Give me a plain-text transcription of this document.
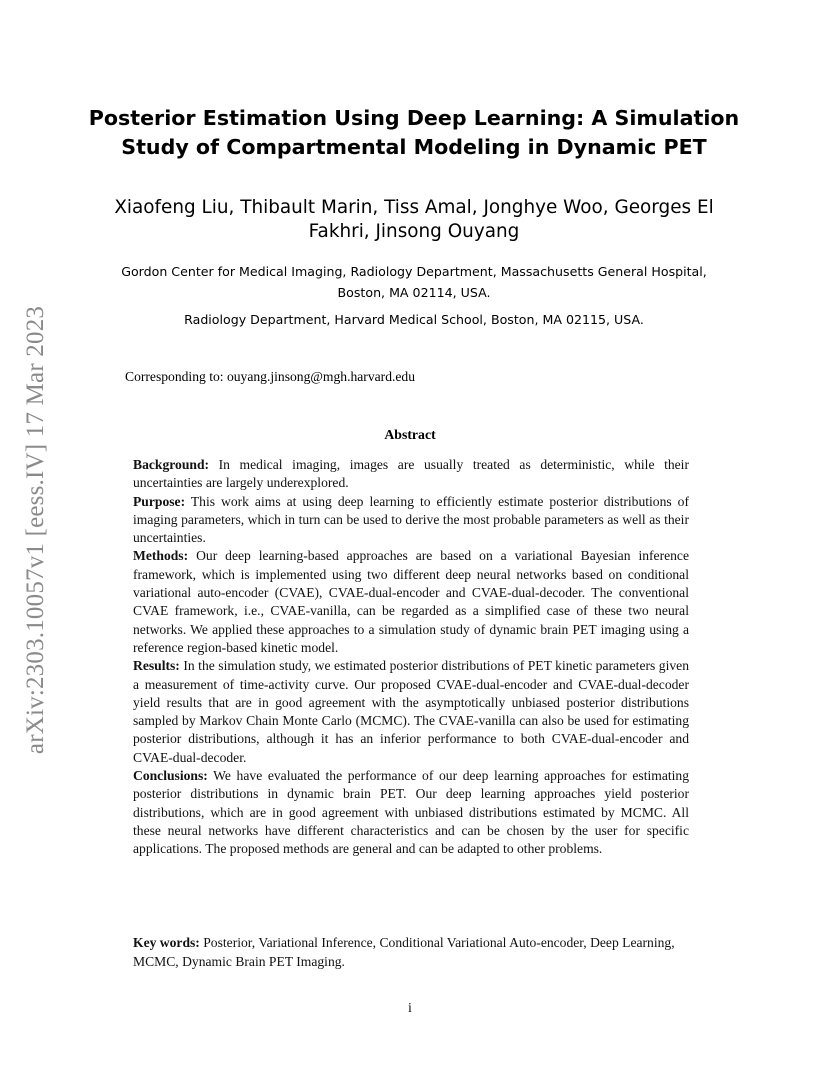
arXiv:2303.10057v1 [eess.IV] 17 Mar 2023
Posterior Estimation Using Deep Learning: A Simulation
Study of Compartmental Modeling in Dynamic PET
Xiaofeng Liu, Thibault Marin, Tiss Amal, Jonghye Woo, Georges El
Fakhri, Jinsong Ouyang
Gordon Center for Medical Imaging, Radiology Department, Massachusetts General Hospital,
Boston, MA 02114, USA.
Radiology Department, Harvard Medical School, Boston, MA 02115, USA.
Corresponding to: ouyang.jinsong@mgh.harvard.edu
Abstract

Background: In medical imaging, images are usually treated as deterministic, while their uncertainties are largely underexplored.

Purpose: This work aims at using deep learning to efficiently estimate posterior distributions of imaging parameters, which in turn can be used to derive the most probable parameters as well as their uncertainties.

Methods: Our deep learning-based approaches are based on a variational Bayesian inference framework, which is implemented using two different deep neural networks based on conditional variational auto-encoder (CVAE), CVAE-dual-encoder and CVAE-dual-decoder. The conventional CVAE framework, i.e., CVAE-vanilla, can be regarded as a simplified case of these two neural networks. We applied these approaches to a simulation study of dynamic brain PET imaging using a reference region-based kinetic model.

Results: In the simulation study, we estimated posterior distributions of PET kinetic parameters given a measurement of time-activity curve. Our proposed CVAE-dual-encoder and CVAE-dual-decoder yield results that are in good agreement with the asymptotically unbiased posterior distributions sampled by Markov Chain Monte Carlo (MCMC). The CVAE-vanilla can also be used for estimating posterior distributions, although it has an inferior performance to both CVAE-dual-encoder and CVAE-dual-decoder.

Conclusions: We have evaluated the performance of our deep learning approaches for estimating posterior distributions in dynamic brain PET. Our deep learning approaches yield posterior distributions, which are in good agreement with unbiased distributions estimated by MCMC. All these neural networks have different characteristics and can be chosen by the user for specific applications. The proposed methods are general and can be adapted to other problems.

Key words: Posterior, Variational Inference, Conditional Variational Auto-encoder, Deep Learning, MCMC, Dynamic Brain PET Imaging.
i
